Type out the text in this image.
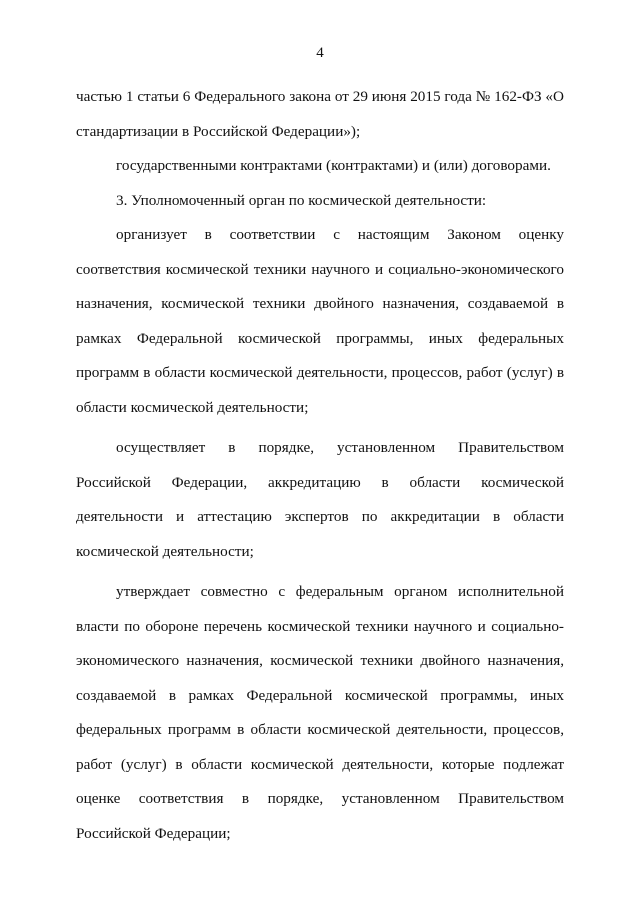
4

частью 1 статьи 6 Федерального закона от 29 июня 2015 года № 162-ФЗ «О стандартизации в Российской Федерации»);

государственными контрактами (контрактами) и (или) договорами.

3. Уполномоченный орган по космической деятельности:

организует в соответствии с настоящим Законом оценку соответствия космической техники научного и социально-экономического назначения, космической техники двойного назначения, создаваемой в рамках Федеральной космической программы, иных федеральных программ в области космической деятельности, процессов, работ (услуг) в области космической деятельности;

осуществляет в порядке, установленном Правительством Российской Федерации, аккредитацию в области космической деятельности и аттестацию экспертов по аккредитации в области космической деятельности;

утверждает совместно с федеральным органом исполнительной власти по обороне перечень космической техники научного и социально-экономического назначения, космической техники двойного назначения, создаваемой в рамках Федеральной космической программы, иных федеральных программ в области космической деятельности, процессов, работ (услуг) в области космической деятельности, которые подлежат оценке соответствия в порядке, установленном Правительством Российской Федерации;
